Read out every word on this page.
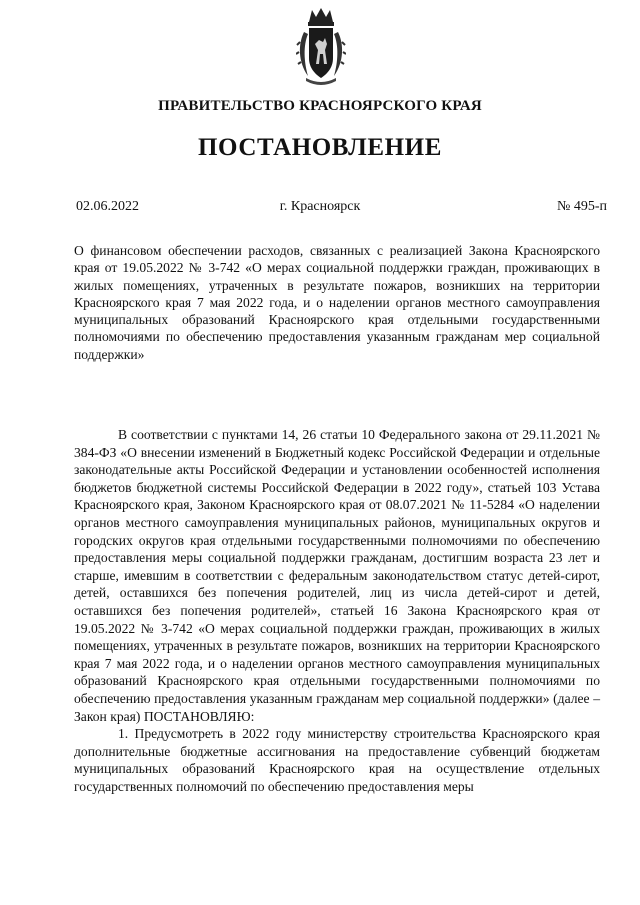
ПРАВИТЕЛЬСТВО КРАСНОЯРСКОГО КРАЯ
ПОСТАНОВЛЕНИЕ
02.06.2022	г. Красноярск	№ 495-п

О финансовом обеспечении расходов, связанных с реализацией Закона Красноярского края от 19.05.2022 № 3-742 «О мерах социальной поддержки граждан, проживающих в жилых помещениях, утраченных в результате пожаров, возникших на территории Красноярского края 7 мая 2022 года, и о наделении органов местного самоуправления муниципальных образований Красноярского края отдельными государственными полномочиями по обеспечению предоставления указанным гражданам мер социальной поддержки»

В соответствии с пунктами 14, 26 статьи 10 Федерального закона от 29.11.2021 № 384-ФЗ «О внесении изменений в Бюджетный кодекс Российской Федерации и отдельные законодательные акты Российской Федерации и установлении особенностей исполнения бюджетов бюджетной системы Российской Федерации в 2022 году», статьей 103 Устава Красноярского края, Законом Красноярского края от 08.07.2021 № 11-5284 «О наделении органов местного самоуправления муниципальных районов, муниципальных округов и городских округов края отдельными государственными полномочиями по обеспечению предоставления меры социальной поддержки гражданам, достигшим возраста 23 лет и старше, имевшим в соответствии с федеральным законодательством статус детей-сирот, детей, оставшихся без попечения родителей, лиц из числа детей-сирот и детей, оставшихся без попечения родителей», статьей 16 Закона Красноярского края от 19.05.2022 № 3-742 «О мерах социальной поддержки граждан, проживающих в жилых помещениях, утраченных в результате пожаров, возникших на территории Красноярского края 7 мая 2022 года, и о наделении органов местного самоуправления муниципальных образований Красноярского края отдельными государственными полномочиями по обеспечению предоставления указанным гражданам мер социальной поддержки» (далее – Закон края) ПОСТАНОВЛЯЮ:

1. Предусмотреть в 2022 году министерству строительства Красноярского края дополнительные бюджетные ассигнования на предоставление субвенций бюджетам муниципальных образований Красноярского края на осуществление отдельных государственных полномочий по обеспечению предоставления меры
